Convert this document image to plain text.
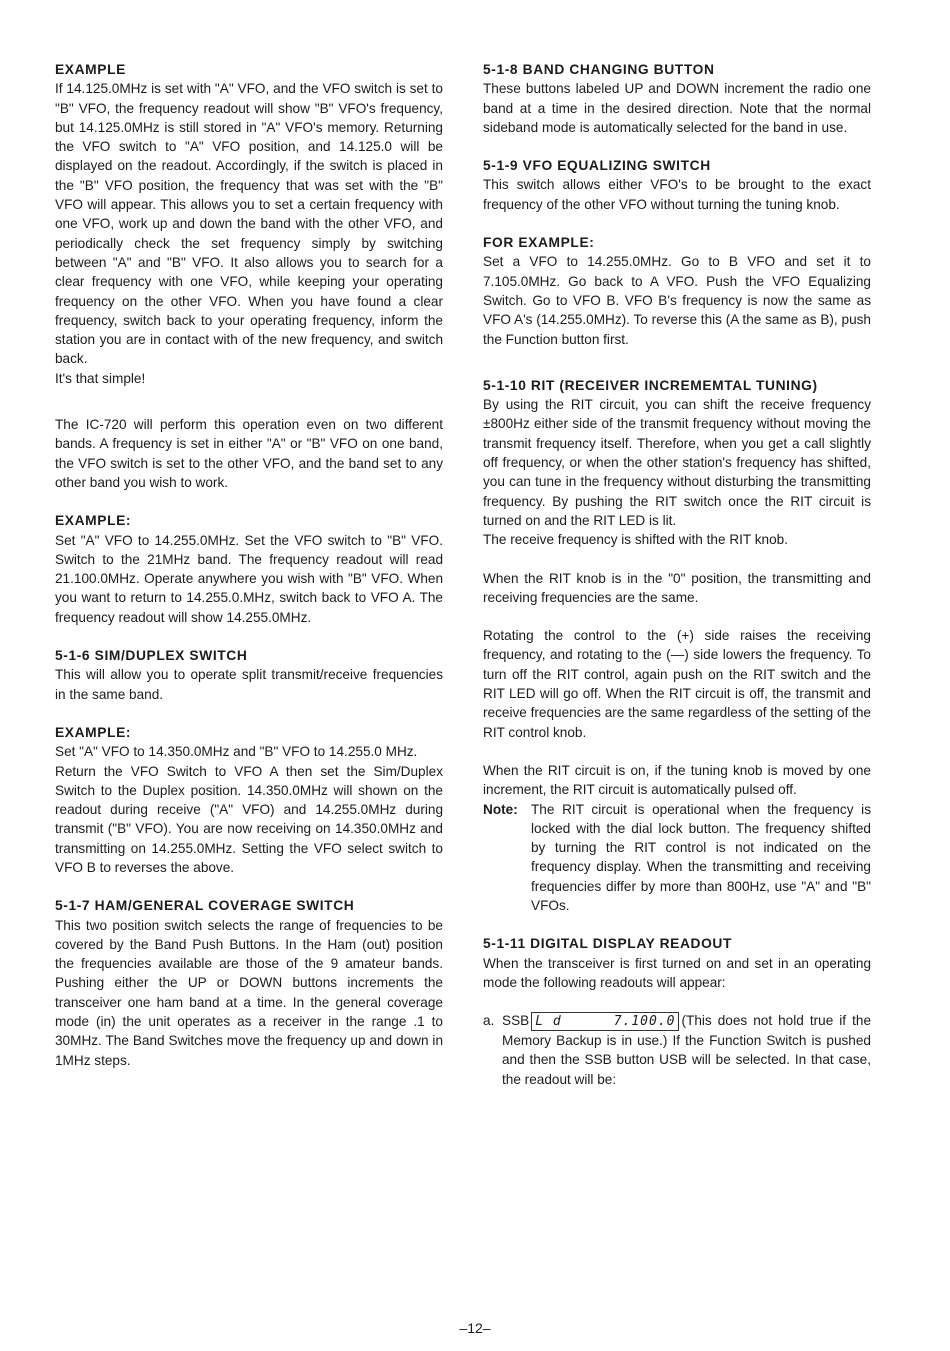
EXAMPLE

If 14.125.0MHz is set with "A" VFO, and the VFO switch is set to "B" VFO, the frequency readout will show "B" VFO's frequency, but 14.125.0MHz is still stored in "A" VFO's memory. Returning the VFO switch to "A" VFO position, and 14.125.0 will be displayed on the readout. Accordingly, if the switch is placed in the "B" VFO position, the frequency that was set with the "B" VFO will appear. This allows you to set a certain frequency with one VFO, work up and down the band with the other VFO, and periodically check the set frequency simply by switching between "A" and "B" VFO. It also allows you to search for a clear frequency with one VFO, while keeping your operating frequency on the other VFO. When you have found a clear frequency, switch back to your operating frequency, inform the station you are in contact with of the new frequency, and switch back.

It's that simple!

The IC-720 will perform this operation even on two different bands. A frequency is set in either "A" or "B" VFO on one band, the VFO switch is set to the other VFO, and the band set to any other band you wish to work.

EXAMPLE:

Set "A" VFO to 14.255.0MHz. Set the VFO switch to "B" VFO. Switch to the 21MHz band. The frequency readout will read 21.100.0MHz. Operate anywhere you wish with "B" VFO. When you want to return to 14.255.0.MHz, switch back to VFO A. The frequency readout will show 14.255.0MHz.

5-1-6 SIM/DUPLEX SWITCH

This will allow you to operate split transmit/receive frequencies in the same band.

EXAMPLE:

Set "A" VFO to 14.350.0MHz and "B" VFO to 14.255.0 MHz.

Return the VFO Switch to VFO A then set the Sim/Duplex Switch to the Duplex position. 14.350.0MHz will shown on the readout during receive ("A" VFO) and 14.255.0MHz during transmit ("B" VFO). You are now receiving on 14.350.0MHz and transmitting on 14.255.0MHz. Setting the VFO select switch to VFO B to reverses the above.

5-1-7 HAM/GENERAL COVERAGE SWITCH

This two position switch selects the range of frequencies to be covered by the Band Push Buttons. In the Ham (out) position the frequencies available are those of the 9 amateur bands. Pushing either the UP or DOWN buttons increments the transceiver one ham band at a time. In the general coverage mode (in) the unit operates as a receiver in the range .1 to 30MHz. The Band Switches move the frequency up and down in 1MHz steps.

5-1-8 BAND CHANGING BUTTON

These buttons labeled UP and DOWN increment the radio one band at a time in the desired direction. Note that the normal sideband mode is automatically selected for the band in use.

5-1-9 VFO EQUALIZING SWITCH

This switch allows either VFO's to be brought to the exact frequency of the other VFO without turning the tuning knob.

FOR EXAMPLE:

Set a VFO to 14.255.0MHz. Go to B VFO and set it to 7.105.0MHz. Go back to A VFO. Push the VFO Equalizing Switch. Go to VFO B. VFO B's frequency is now the same as VFO A's (14.255.0MHz). To reverse this (A the same as B), push the Function button first.

5-1-10 RIT (RECEIVER INCREMEMTAL TUNING)

By using the RIT circuit, you can shift the receive frequency ±800Hz either side of the transmit frequency without moving the transmit frequency itself. Therefore, when you get a call slightly off frequency, or when the other station's frequency has shifted, you can tune in the frequency without disturbing the transmitting frequency. By pushing the RIT switch once the RIT circuit is turned on and the RIT LED is lit.

The receive frequency is shifted with the RIT knob.

When the RIT knob is in the "0" position, the transmitting and receiving frequencies are the same.

Rotating the control to the (+) side raises the receiving frequency, and rotating to the (—) side lowers the frequency. To turn off the RIT control, again push on the RIT switch and the RIT LED will go off. When the RIT circuit is off, the transmit and receive frequencies are the same regardless of the setting of the RIT control knob.

When the RIT circuit is on, if the tuning knob is moved by one increment, the RIT circuit is automatically pulsed off.

Note: The RIT circuit is operational when the frequency is locked with the dial lock button. The frequency shifted by turning the RIT control is not indicated on the frequency display. When the transmitting and receiving frequencies differ by more than 800Hz, use "A" and "B" VFOs.

5-1-11 DIGITAL DISPLAY READOUT

When the transceiver is first turned on and set in an operating mode the following readouts will appear:

a. SSB L d	7.100.0 (This does not hold true if the Memory Backup is in use.) If the Function Switch is pushed and then the SSB button USB will be selected. In that case, the readout will be:
–12–
